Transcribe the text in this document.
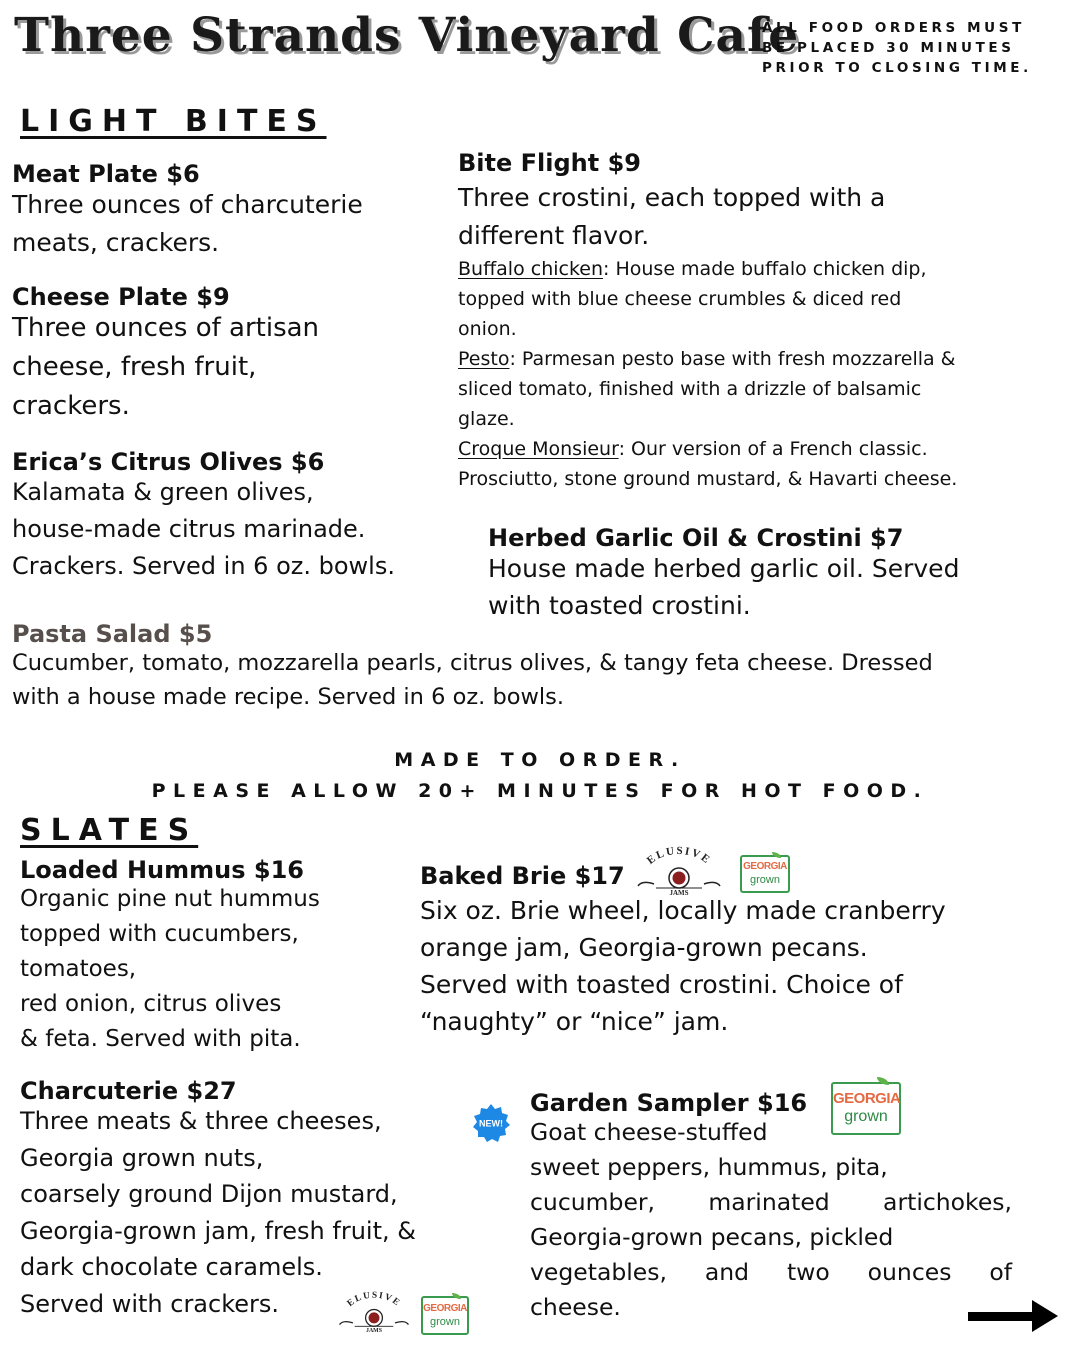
Three Strands Vineyard Cafe
ALL FOOD ORDERS MUST
BE PLACED 30 MINUTES
PRIOR TO CLOSING TIME.
LIGHT BITES
Meat Plate $6
Three ounces of charcuterie
meats, crackers.
Cheese Plate $9
Three ounces of artisan
cheese, fresh fruit,
crackers.
Erica’s Citrus Olives $6
Kalamata & green olives,
house-made citrus marinade.
Crackers. Served in 6 oz. bowls.
Bite Flight $9
Three crostini, each topped with a
different flavor.
Buffalo chicken: House made buffalo chicken dip,
topped with blue cheese crumbles & diced red
onion.
Pesto: Parmesan pesto base with fresh mozzarella &
sliced tomato, finished with a drizzle of balsamic
glaze.
Croque Monsieur: Our version of a French classic.
Prosciutto, stone ground mustard, & Havarti cheese.
Herbed Garlic Oil & Crostini $7
House made herbed garlic oil. Served
with toasted crostini.
Pasta Salad $5
Cucumber, tomato, mozzarella pearls, citrus olives, & tangy feta cheese. Dressed
with a house made recipe. Served in 6 oz. bowls.
MADE TO ORDER.
PLEASE ALLOW 20+ MINUTES FOR HOT FOOD.
SLATES
Loaded Hummus $16
Organic pine nut hummus
topped with cucumbers,
tomatoes,
red onion, citrus olives
& feta. Served with pita.
Baked Brie $17
Six oz. Brie wheel, locally made cranberry
orange jam, Georgia-grown pecans.
Served with toasted crostini. Choice of
“naughty” or “nice” jam.
ELUSIVE
JAMS
GEORGIA
grown
Charcuterie $27
Three meats & three cheeses,
Georgia grown nuts,
coarsely ground Dijon mustard,
Georgia-grown jam, fresh fruit, &
dark chocolate caramels.
Served with crackers.	ELUSIVE
JAMS
GEORGIA
grown
NEW!
Garden Sampler $16
Goat cheese-stuffed
sweet peppers, hummus, pita,
cucumber, marinated artichokes,
Georgia-grown pecans, pickled
vegetables, and two ounces of
cheese.
GEORGIA
grown
